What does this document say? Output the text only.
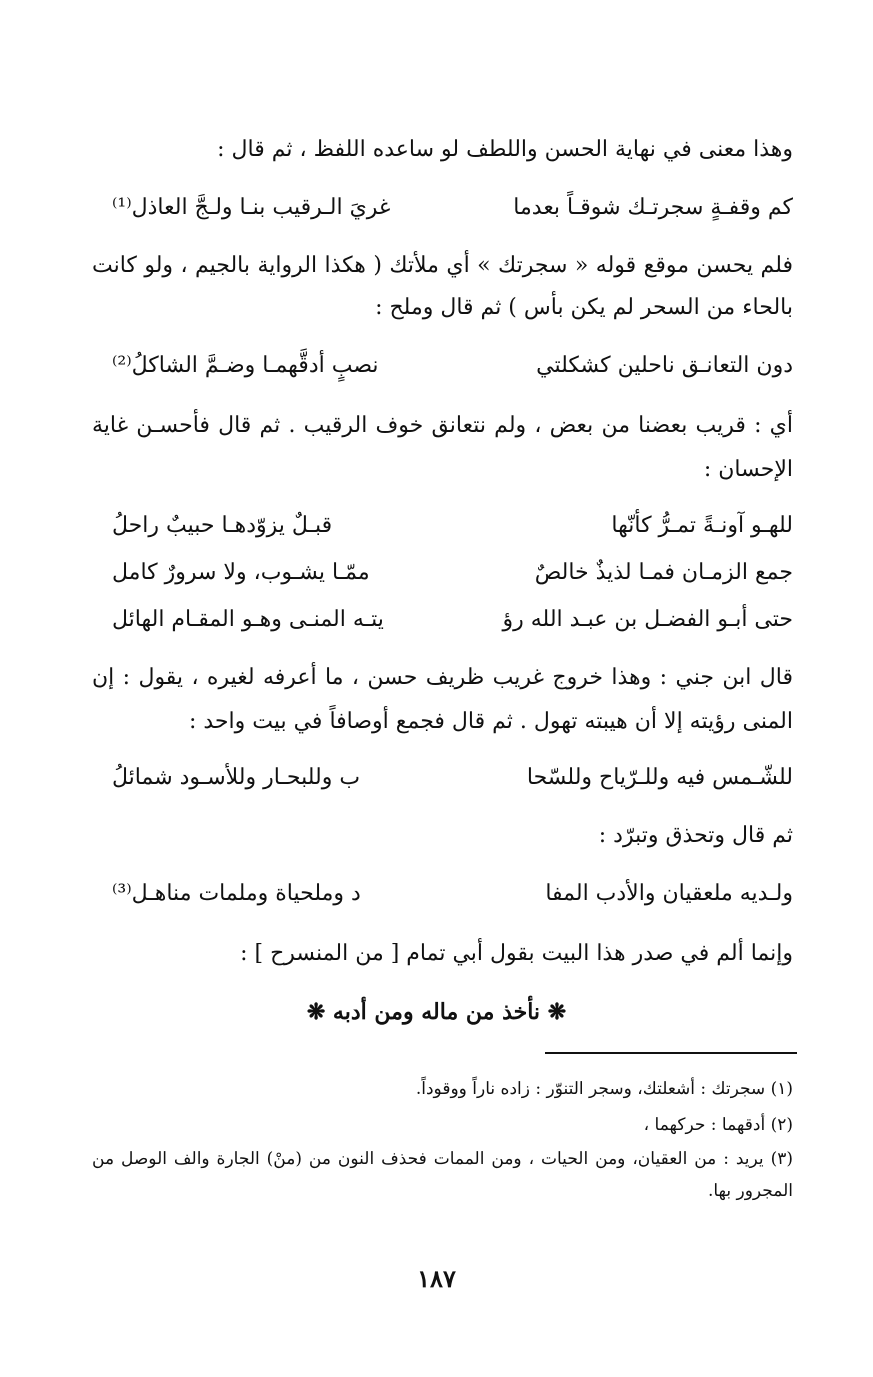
وهذا معنى في نهاية الحسن واللطف لو ساعده اللفظ ، ثم قال :
كم وقفـةٍ سجرتـك شوقـاً بعدما
غريَ الـرقيب بنـا ولـجَّ العاذل⁽¹⁾
فلم يحسن موقع قوله « سجرتك » أي ملأتك ( هكذا الرواية بالجيم ، ولو كانت
بالحاء من السحر لم يكن بأس ) ثم قال وملح :
دون التعانـق ناحلين كشكلتي
نصبٍ أدقَّهمـا وضـمَّ الشاكلُ⁽²⁾
أي : قريب بعضنا من بعض ، ولم نتعانق خوف الرقيب . ثم قال فأحسـن غاية
الإحسان :
للهـو آونـةً تمـرُّ كأنّها
قبـلٌ يزوّدهـا حبيبٌ راحلُ
جمع الزمـان فمـا لذيذٌ خالصٌ
ممّـا يشـوب، ولا سرورٌ كامل
حتى أبـو الفضـل بن عبـد الله رؤ
يتـه المنـى وهـو المقـام الهائل
قال ابن جني : وهذا خروج غريب ظريف حسن ، ما أعرفه لغيره ، يقول : إن
المنى رؤيته إلا أن هيبته تهول . ثم قال فجمع أوصافاً في بيت واحد :
للشّـمس فيه وللـرّياح وللسّحا
ب وللبحـار وللأسـود شمائلُ
ثم قال وتحذق وتبرّد :
ولـديه ملعقيان والأدب المفا
د وملحياة وملمات مناهـل⁽³⁾
وإنما ألم في صدر هذا البيت بقول أبي تمام [ من المنسرح ] :
❋ نأخذ من ماله ومن أدبه ❋
(١) سجرتك : أشعلتك، وسجر التنوّر : زاده ناراً ووقوداً.
(٢) أدقهما : حركهما ،
(٣) يريد : من العقيان، ومن الحيات ، ومن الممات فحذف النون من (منْ) الجارة والف الوصل من
المجرور بها.
١٨٧
